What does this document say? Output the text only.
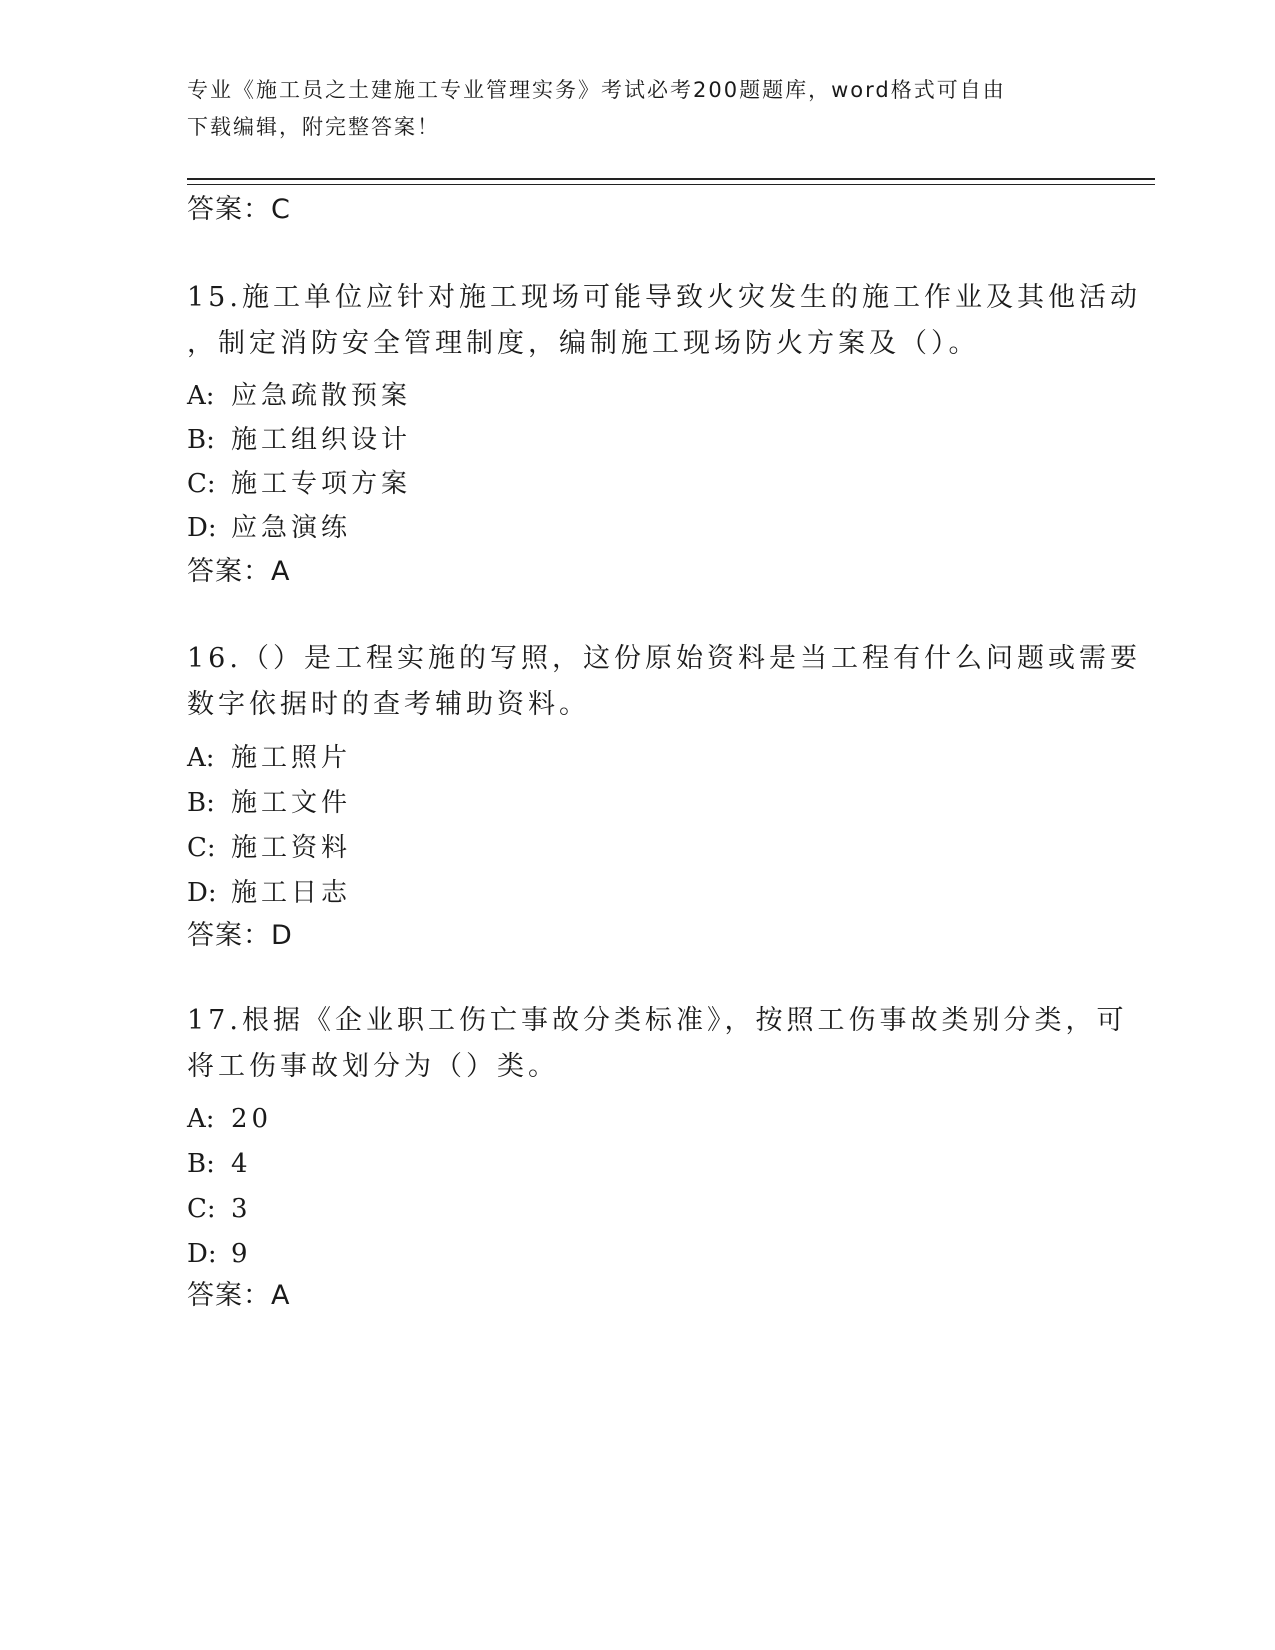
专业《施工员之土建施工专业管理实务》考试必考200题题库，word格式可自由
下载编辑，附完整答案！
答案：C
15.施工单位应针对施工现场可能导致火灾发生的施工作业及其他活动
，制定消防安全管理制度，编制施工现场防火方案及（）。
A: 应急疏散预案
B: 施工组织设计
C: 施工专项方案
D: 应急演练
答案：A
16.（）是工程实施的写照，这份原始资料是当工程有什么问题或需要
数字依据时的查考辅助资料。
A: 施工照片
B: 施工文件
C: 施工资料
D: 施工日志
答案：D
17.根据《企业职工伤亡事故分类标准》，按照工伤事故类别分类，可
将工伤事故划分为（）类。
A: 20
B: 4
C: 3
D: 9
答案：A
